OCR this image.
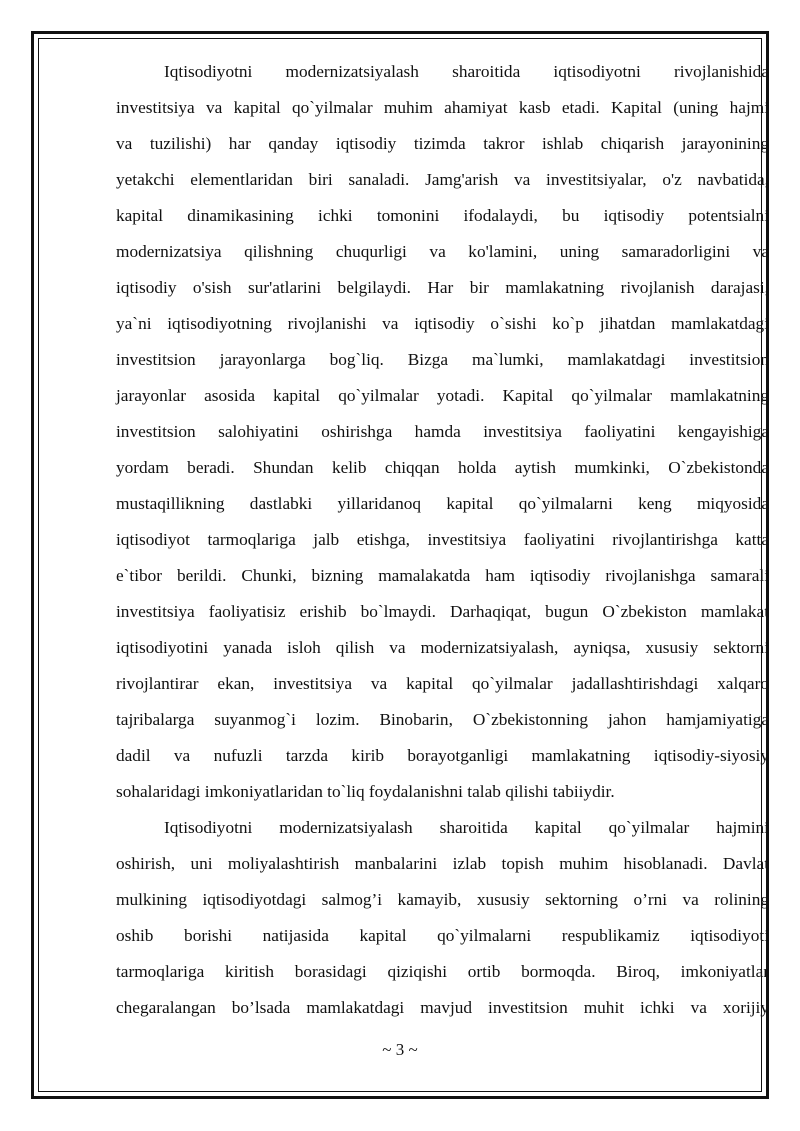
Iqtisodiyotni modernizatsiyalash sharoitida iqtisodiyotni rivojlanishida
investitsiya va kapital qo`yilmalar muhim ahamiyat kasb etadi. Kapital (uning hajmi
va tuzilishi) har qanday iqtisodiy tizimda takror ishlab chiqarish jarayonining
yetakchi elementlaridan biri sanaladi. Jamg'arish va investitsiyalar, o'z navbatida,
kapital dinamikasining ichki tomonini ifodalaydi, bu iqtisodiy potentsialni
modernizatsiya qilishning chuqurligi va ko'lamini, uning samaradorligini va
iqtisodiy o'sish sur'atlarini belgilaydi. Har bir mamlakatning rivojlanish darajasi,
ya`ni iqtisodiyotning rivojlanishi va iqtisodiy o`sishi ko`p jihatdan mamlakatdagi
investitsion jarayonlarga bog`liq. Bizga ma`lumki, mamlakatdagi investitsion
jarayonlar asosida kapital qo`yilmalar yotadi. Kapital qo`yilmalar mamlakatning
investitsion salohiyatini oshirishga hamda investitsiya faoliyatini kengayishiga
yordam beradi. Shundan kelib chiqqan holda aytish mumkinki, O`zbekistonda
mustaqillikning dastlabki yillaridanoq kapital qo`yilmalarni keng miqyosida
iqtisodiyot tarmoqlariga jalb etishga, investitsiya faoliyatini rivojlantirishga katta
e`tibor berildi. Chunki, bizning mamalakatda ham iqtisodiy rivojlanishga samarali
investitsiya faoliyatisiz erishib bo`lmaydi. Darhaqiqat, bugun O`zbekiston mamlakat
iqtisodiyotini yanada isloh qilish va modernizatsiyalash, ayniqsa, xususiy sektorni
rivojlantirar ekan, investitsiya va kapital qo`yilmalar jadallashtirishdagi xalqaro
tajribalarga suyanmog`i lozim. Binobarin, O`zbekistonning jahon hamjamiyatiga
dadil va nufuzli tarzda kirib borayotganligi mamlakatning iqtisodiy-siyosiy
sohalaridagi imkoniyatlaridan to`liq foydalanishni talab qilishi tabiiydir.
Iqtisodiyotni modernizatsiyalash sharoitida kapital qo`yilmalar hajmini
oshirish, uni moliyalashtirish manbalarini izlab topish muhim hisoblanadi. Davlat
mulkining iqtisodiyotdagi salmog’i kamayib, xususiy sektorning o’rni va rolining
oshib borishi natijasida kapital qo`yilmalarni respublikamiz iqtisodiyoti
tarmoqlariga kiritish borasidagi qiziqishi ortib bormoqda. Biroq, imkoniyatlar
chegaralangan bo’lsada mamlakatdagi mavjud investitsion muhit ichki va xorijiy
~ 3 ~
